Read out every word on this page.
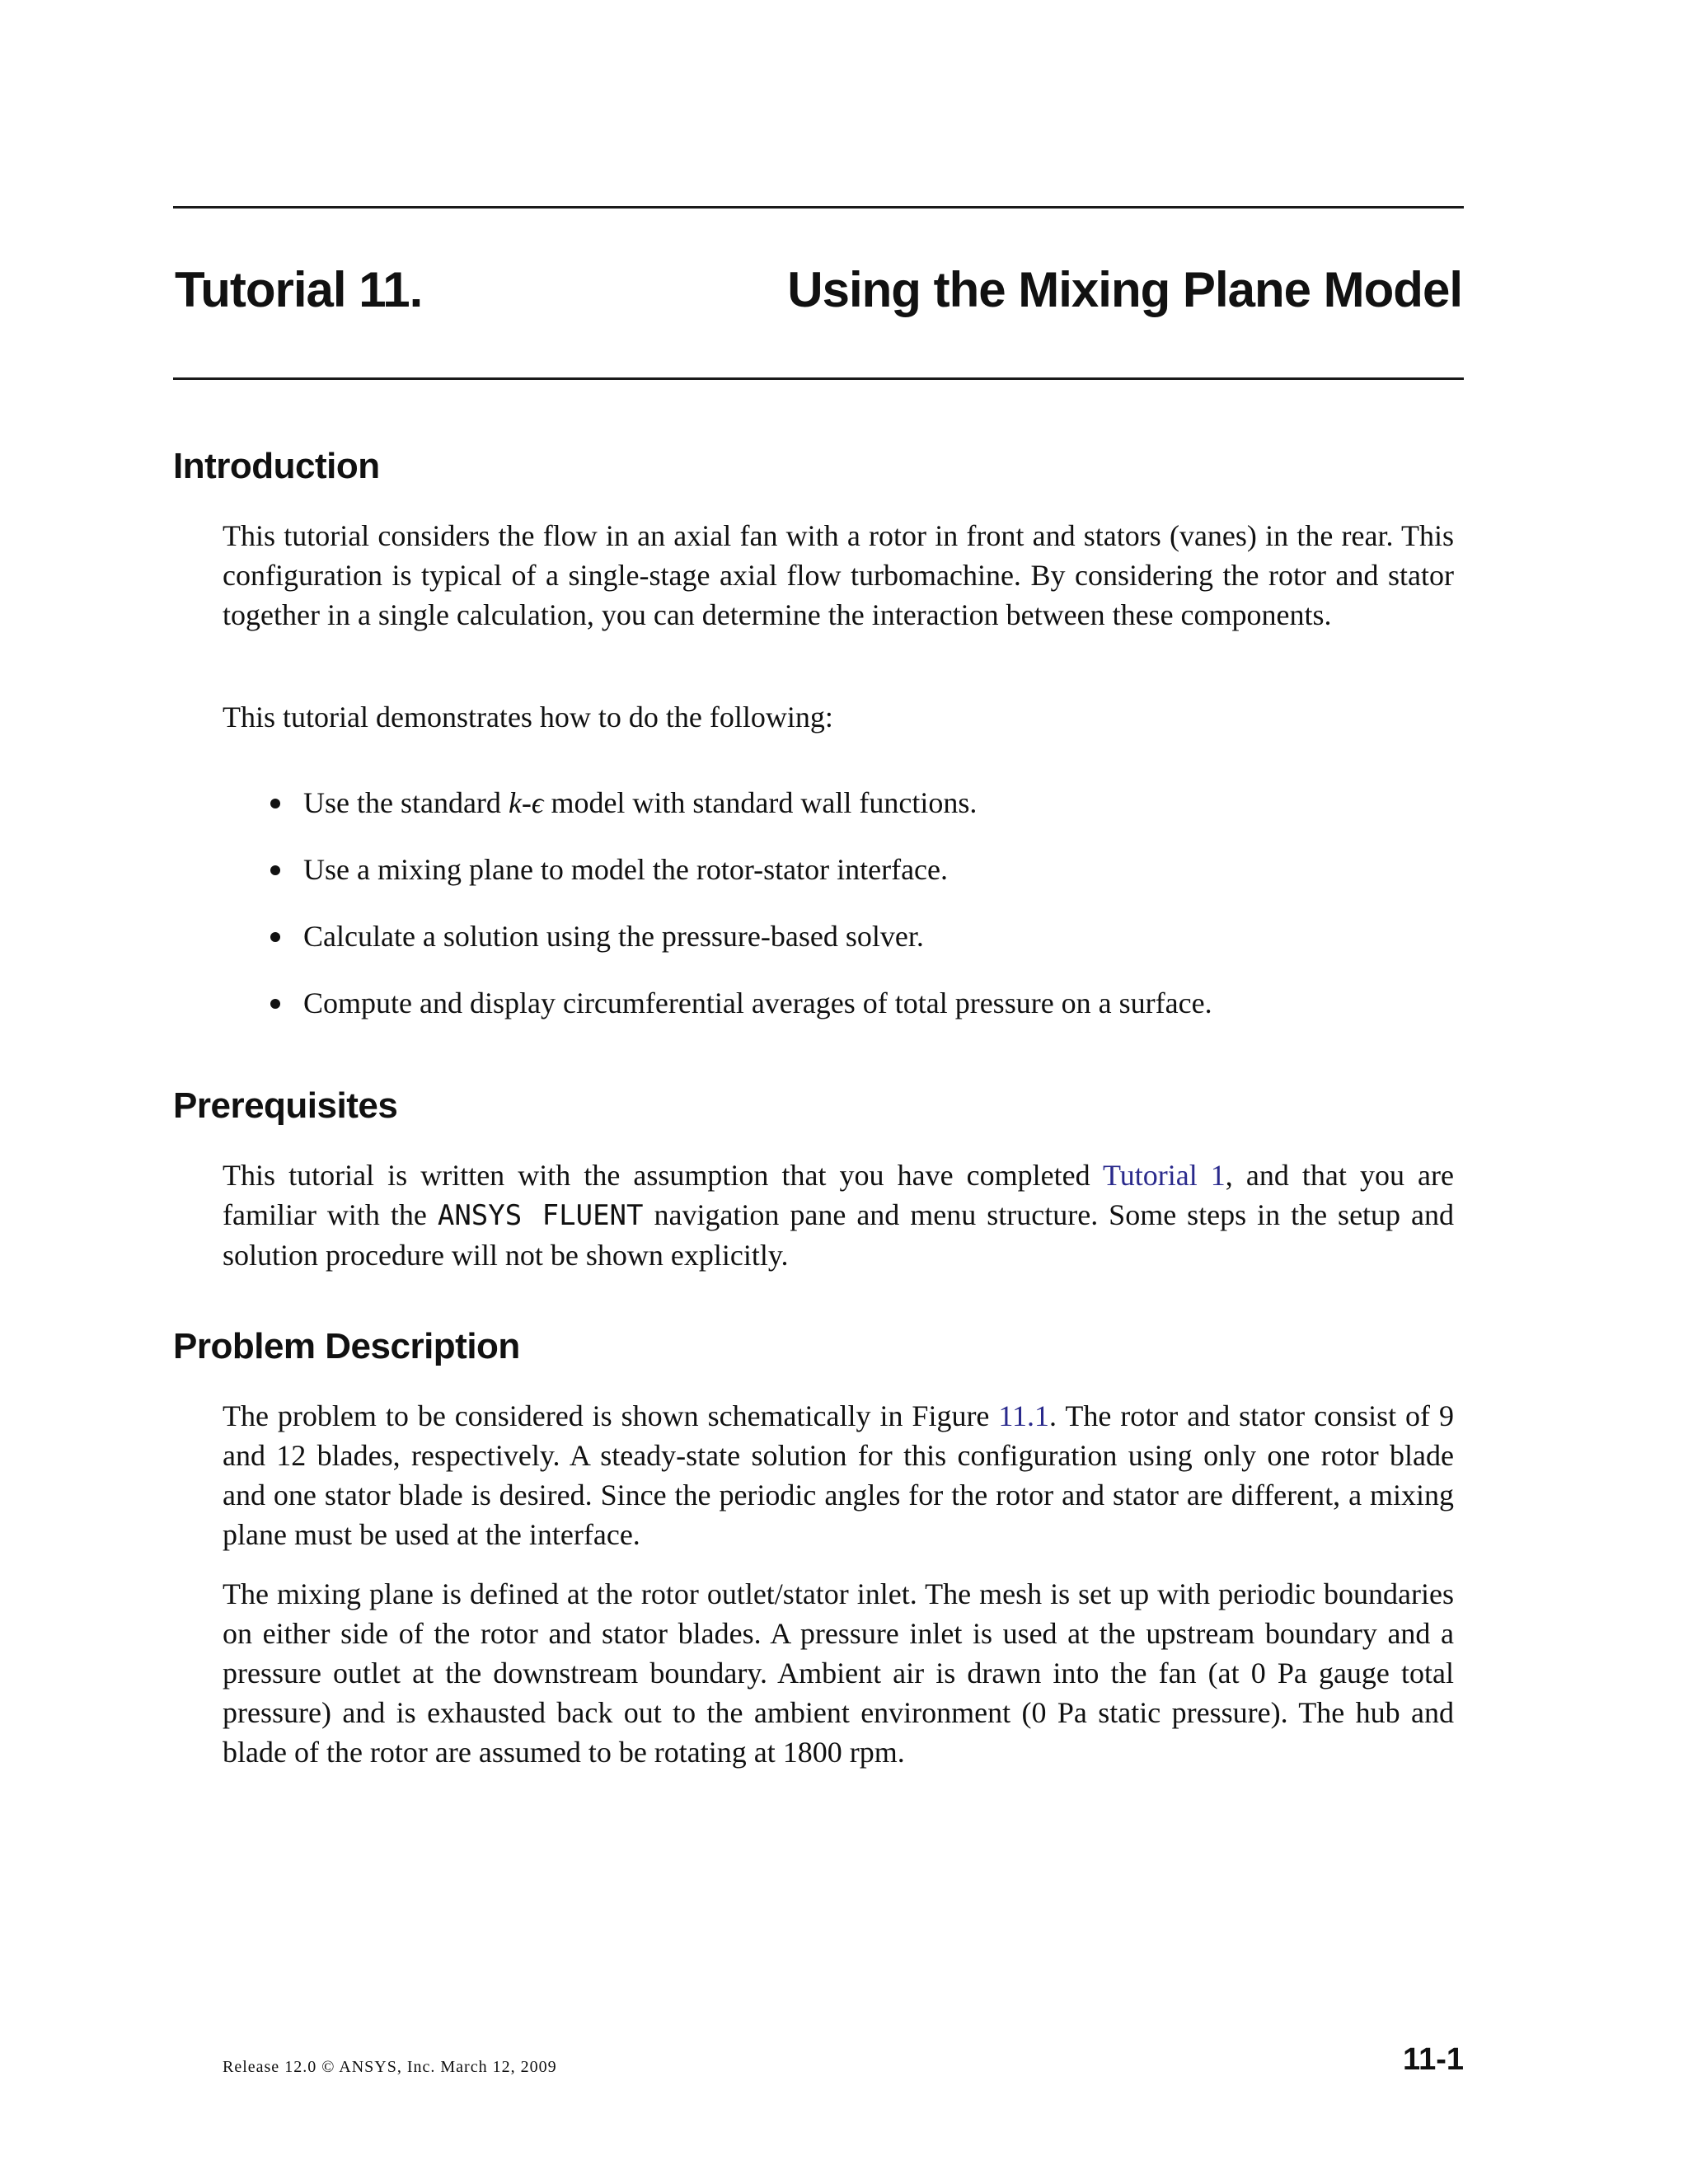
Tutorial 11.	Using the Mixing Plane Model
Introduction

This tutorial considers the flow in an axial fan with a rotor in front and stators (vanes) in the rear. This configuration is typical of a single-stage axial flow turbomachine. By considering the rotor and stator together in a single calculation, you can determine the interaction between these components.

This tutorial demonstrates how to do the following:

Use the standard k-ϵ model with standard wall functions.
Use a mixing plane to model the rotor-stator interface.
Calculate a solution using the pressure-based solver.
Compute and display circumferential averages of total pressure on a surface.
Prerequisites

This tutorial is written with the assumption that you have completed Tutorial 1, and that you are familiar with the ANSYS FLUENT navigation pane and menu structure. Some steps in the setup and solution procedure will not be shown explicitly.

Problem Description

The problem to be considered is shown schematically in Figure 11.1. The rotor and stator consist of 9 and 12 blades, respectively. A steady-state solution for this configuration using only one rotor blade and one stator blade is desired. Since the periodic angles for the rotor and stator are different, a mixing plane must be used at the interface.

The mixing plane is defined at the rotor outlet/stator inlet. The mesh is set up with periodic boundaries on either side of the rotor and stator blades. A pressure inlet is used at the upstream boundary and a pressure outlet at the downstream boundary. Ambient air is drawn into the fan (at 0 Pa gauge total pressure) and is exhausted back out to the ambient environment (0 Pa static pressure). The hub and blade of the rotor are assumed to be rotating at 1800 rpm.

Release 12.0 © ANSYS, Inc. March 12, 2009	11-1
